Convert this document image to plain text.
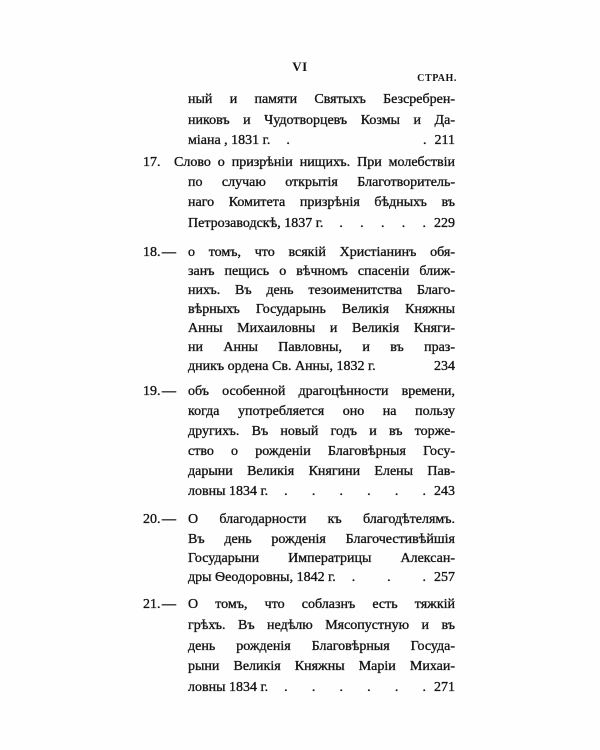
VI
СТРАН.
ный и памяти Святыхъ Безсребрен-
никовъ и Чудотворцевъ Козмы и Да-
міана , 1831 г.	. . 211
17. Слово о призрѣніи нищихъ. При молебствіи
по случаю открытія Благотворитель-
наго Комитета призрѣнія бѣдныхъ въ
Петрозаводскѣ, 1837 г.	. . . . . 229
18. — о томъ, что всякій Христіанинъ обя-
занъ пещись о вѣчномъ спасеніи ближ-
нихъ. Въ день тезоименитства Благо-
вѣрныхъ Государынь Великія Княжны
Анны Михаиловны и Великія Княги-
ни Анны Павловны, и въ праз-
дникъ ордена Св. Анны, 1832 г.	234
19. — объ особенной драгоцѣнности времени,
когда употребляется оно на пользу
другихъ. Въ новый годъ и въ торже-
ство о рожденіи Благовѣрныя Госу-
дарыни Великія Княгини Елены Пав-
ловны 1834 г.	. . . . . . 243
20. — О благодарности къ благодѣтелямъ.
Въ день рожденія Благочестивѣйшія
Государыни Императрицы Алексан-
дры Ѳеодоровны, 1842 г.	. . . 257
21. — О томъ, что соблазнъ есть тяжкій
грѣхъ. Въ недѣлю Мясопустную и въ
день рожденія Благовѣрныя Госуда-
рыни Великія Княжны Маріи Михаи-
ловны 1834 г.	. . . . . . 271
